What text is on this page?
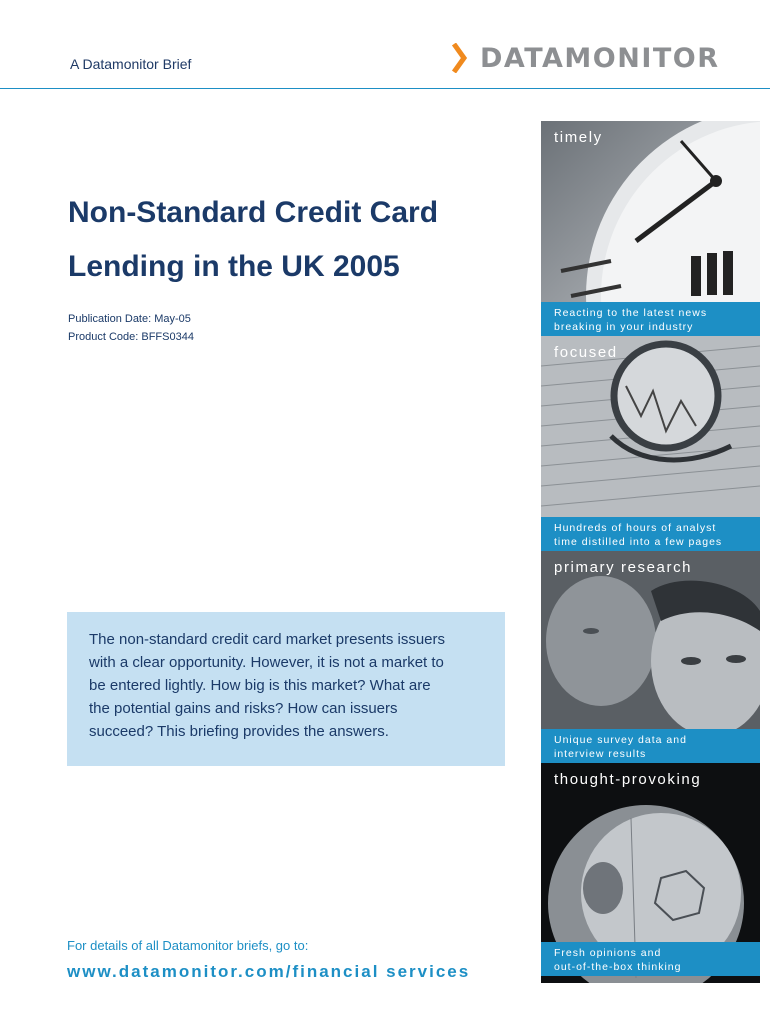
A Datamonitor Brief	DATAMONITOR
Non-Standard Credit Card
Lending in the UK 2005
Publication Date: May-05
Product Code: BFFS0344

The non-standard credit card market presents issuers
with a clear opportunity. However, it is not a market to
be entered lightly. How big is this market? What are
the potential gains and risks? How can issuers
succeed? This briefing provides the answers.

For details of all Datamonitor briefs, go to:
www.datamonitor.com/financial services
timely
Reacting to the latest news
breaking in your industry
focused
Hundreds of hours of analyst
time distilled into a few pages
primary research
Unique survey data and
interview results
thought-provoking
Fresh opinions and
out-of-the-box thinking
